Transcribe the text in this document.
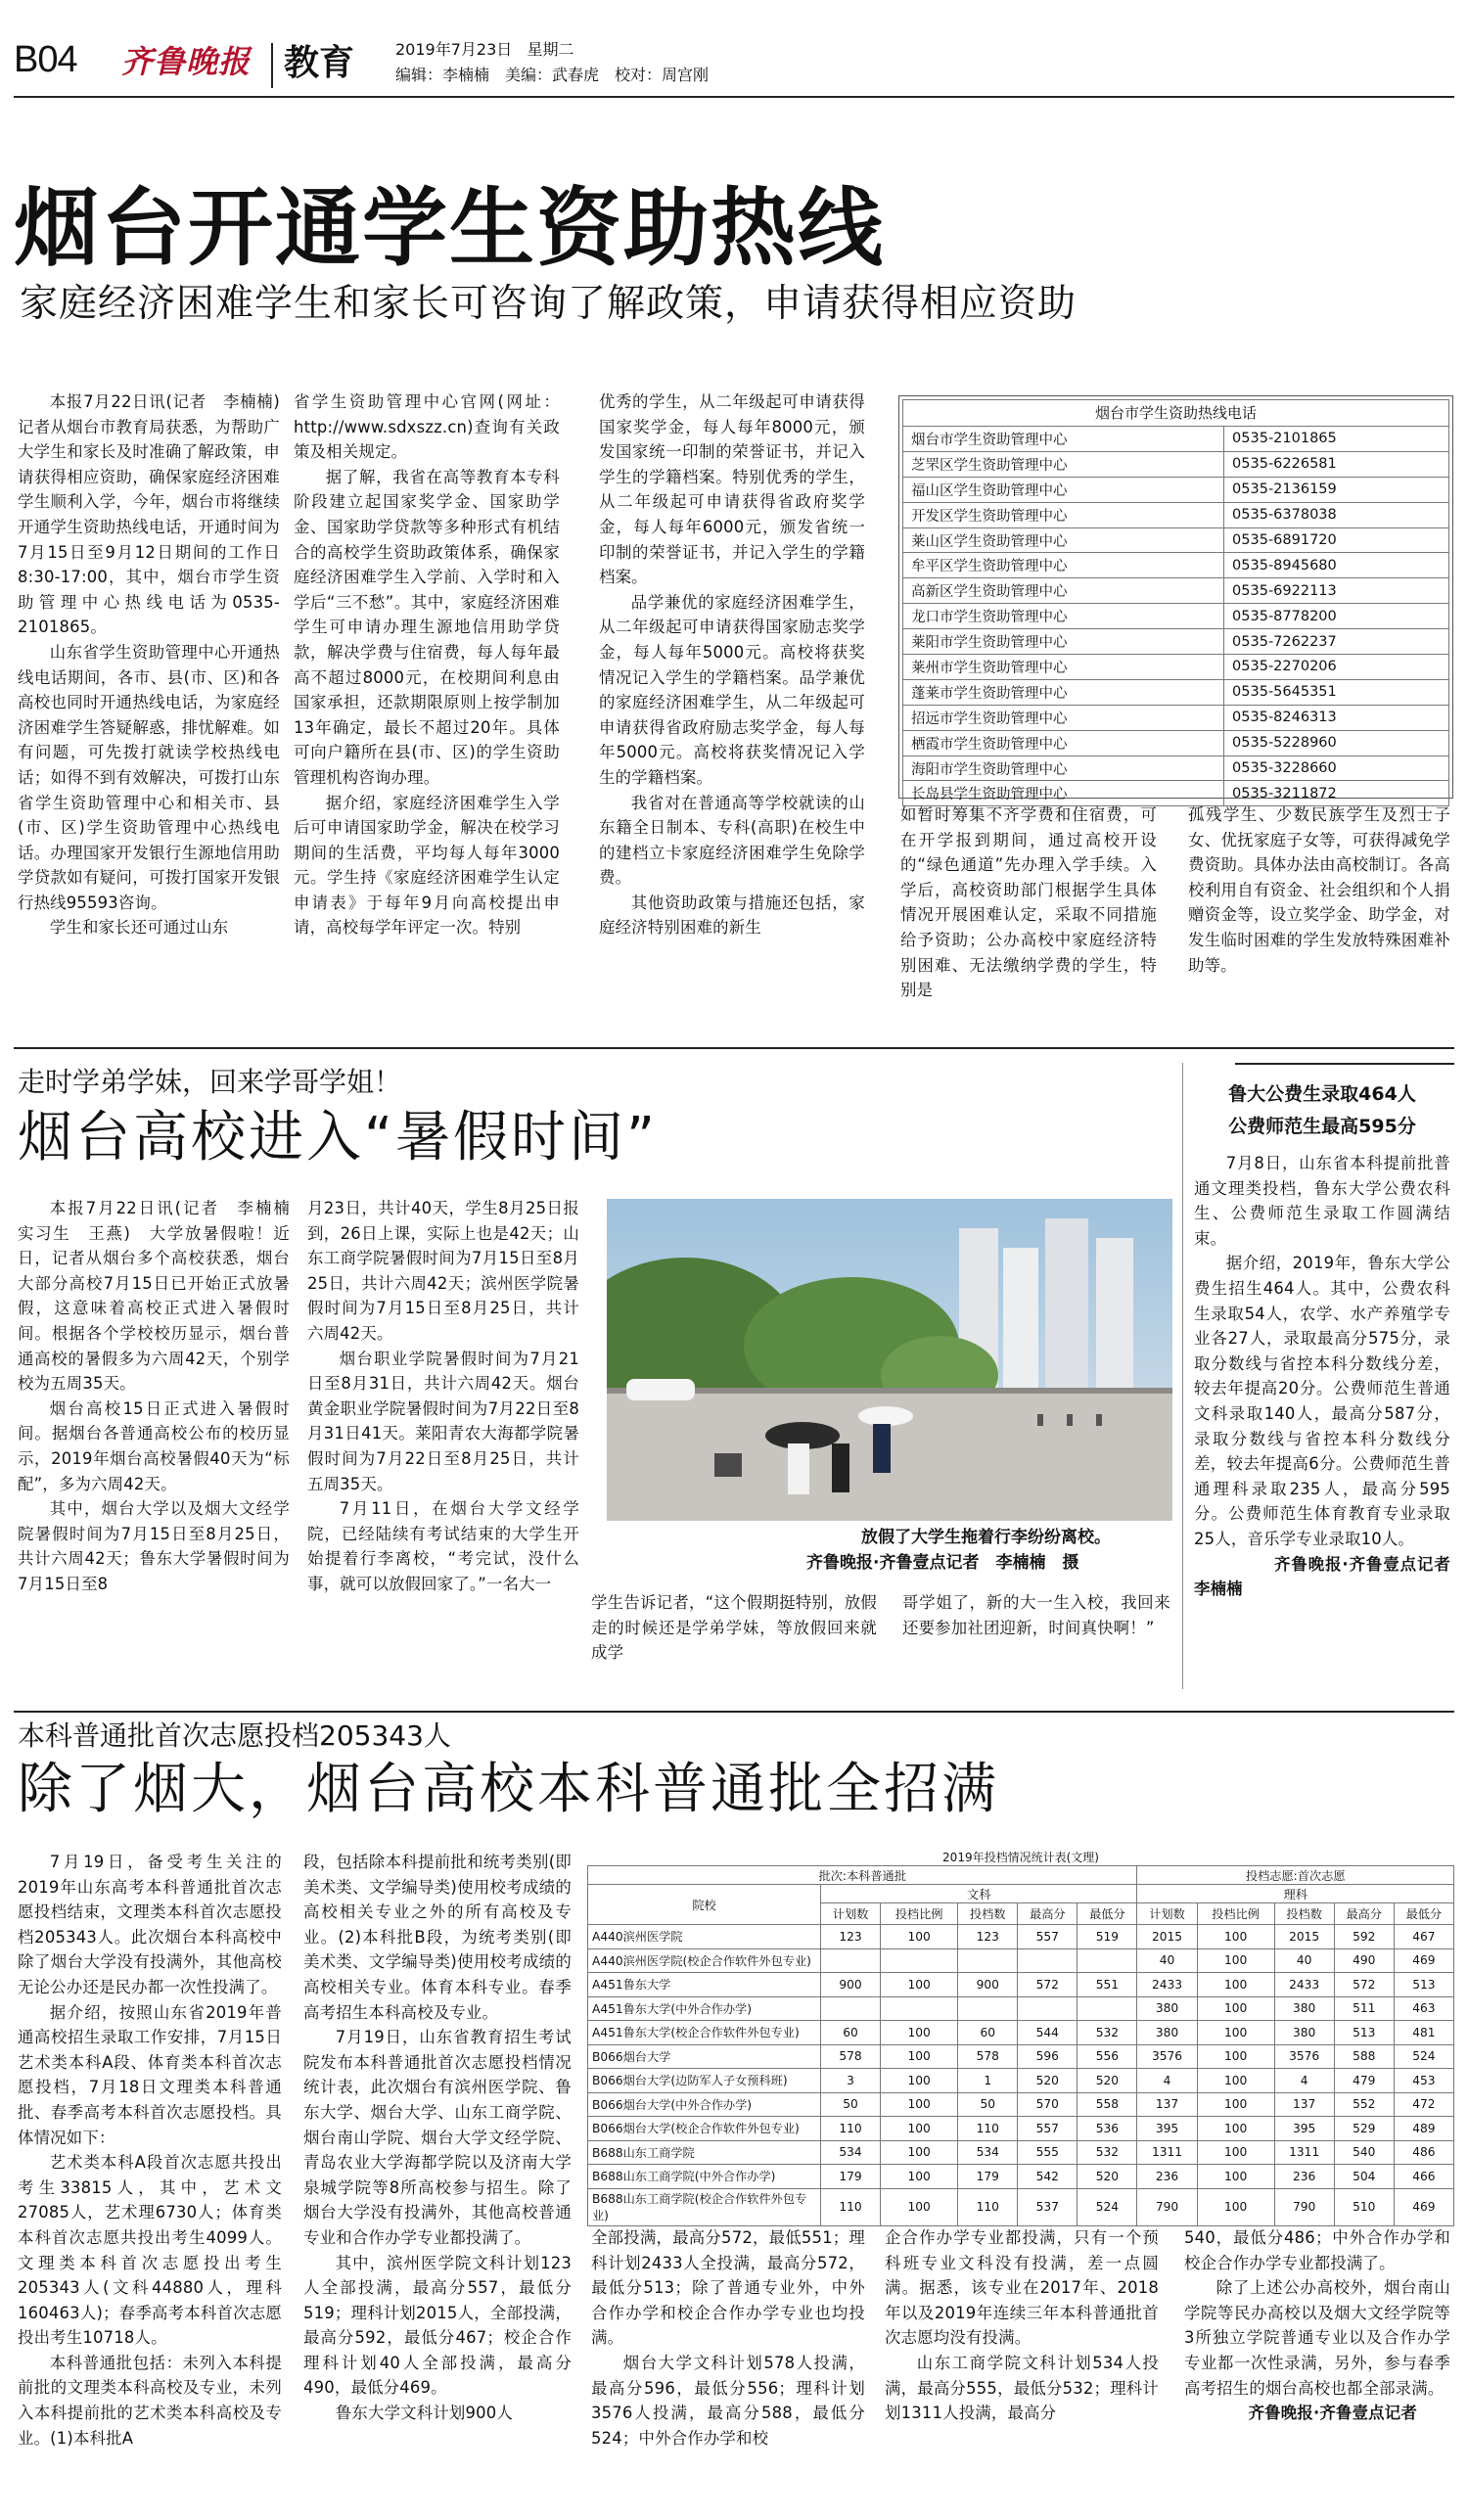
B04 齐鲁晚报 教育	2019年7月23日 星期二
编辑：李楠楠　美编：武春虎　校对：周宫刚
烟台开通学生资助热线
家庭经济困难学生和家长可咨询了解政策，申请获得相应资助

本报7月22日讯(记者　李楠楠)　记者从烟台市教育局获悉，为帮助广大学生和家长及时准确了解政策，申请获得相应资助，确保家庭经济困难学生顺利入学，今年，烟台市将继续开通学生资助热线电话，开通时间为7月15日至9月12日期间的工作日8:30-17:00，其中，烟台市学生资助管理中心热线电话为0535-2101865。

山东省学生资助管理中心开通热线电话期间，各市、县(市、区)和各高校也同时开通热线电话，为家庭经济困难学生答疑解惑，排忧解难。如有问题，可先拨打就读学校热线电话；如得不到有效解决，可拨打山东省学生资助管理中心和相关市、县(市、区)学生资助管理中心热线电话。办理国家开发银行生源地信用助学贷款如有疑问，可拨打国家开发银行热线95593咨询。

学生和家长还可通过山东

省学生资助管理中心官网(网址：http://www.sdxszz.cn)查询有关政策及相关规定。

据了解，我省在高等教育本专科阶段建立起国家奖学金、国家助学金、国家助学贷款等多种形式有机结合的高校学生资助政策体系，确保家庭经济困难学生入学前、入学时和入学后“三不愁”。其中，家庭经济困难学生可申请办理生源地信用助学贷款，解决学费与住宿费，每人每年最高不超过8000元，在校期间利息由国家承担，还款期限原则上按学制加13年确定，最长不超过20年。具体可向户籍所在县(市、区)的学生资助管理机构咨询办理。

据介绍，家庭经济困难学生入学后可申请国家助学金，解决在校学习期间的生活费，平均每人每年3000元。学生持《家庭经济困难学生认定申请表》于每年9月向高校提出申请，高校每学年评定一次。特别

优秀的学生，从二年级起可申请获得国家奖学金，每人每年8000元，颁发国家统一印制的荣誉证书，并记入学生的学籍档案。特别优秀的学生，从二年级起可申请获得省政府奖学金，每人每年6000元，颁发省统一印制的荣誉证书，并记入学生的学籍档案。

品学兼优的家庭经济困难学生，从二年级起可申请获得国家励志奖学金，每人每年5000元。高校将获奖情况记入学生的学籍档案。品学兼优的家庭经济困难学生，从二年级起可申请获得省政府励志奖学金，每人每年5000元。高校将获奖情况记入学生的学籍档案。

我省对在普通高等学校就读的山东籍全日制本、专科(高职)在校生中的建档立卡家庭经济困难学生免除学费。

其他资助政策与措施还包括，家庭经济特别困难的新生

如暂时筹集不齐学费和住宿费，可在开学报到期间，通过高校开设的“绿色通道”先办理入学手续。入学后，高校资助部门根据学生具体情况开展困难认定，采取不同措施给予资助；公办高校中家庭经济特别困难、无法缴纳学费的学生，特别是

孤残学生、少数民族学生及烈士子女、优抚家庭子女等，可获得减免学费资助。具体办法由高校制订。各高校利用自有资金、社会组织和个人捐赠资金等，设立奖学金、助学金，对发生临时困难的学生发放特殊困难补助等。

烟台市学生资助热线电话
烟台市学生资助管理中心	0535-2101865
芝罘区学生资助管理中心	0535-6226581
福山区学生资助管理中心	0535-2136159
开发区学生资助管理中心	0535-6378038
莱山区学生资助管理中心	0535-6891720
牟平区学生资助管理中心	0535-8945680
高新区学生资助管理中心	0535-6922113
龙口市学生资助管理中心	0535-8778200
莱阳市学生资助管理中心	0535-7262237
莱州市学生资助管理中心	0535-2270206
蓬莱市学生资助管理中心	0535-5645351
招远市学生资助管理中心	0535-8246313
栖霞市学生资助管理中心	0535-5228960
海阳市学生资助管理中心	0535-3228660
长岛县学生资助管理中心	0535-3211872
走时学弟学妹，回来学哥学姐！
烟台高校进入“暑假时间”

本报7月22日讯(记者　李楠楠　实习生　王燕)　大学放暑假啦！近日，记者从烟台多个高校获悉，烟台大部分高校7月15日已开始正式放暑假，这意味着高校正式进入暑假时间。根据各个学校校历显示，烟台普通高校的暑假多为六周42天，个别学校为五周35天。

烟台高校15日正式进入暑假时间。据烟台各普通高校公布的校历显示，2019年烟台高校暑假40天为“标配”，多为六周42天。

其中，烟台大学以及烟大文经学院暑假时间为7月15日至8月25日，共计六周42天；鲁东大学暑假时间为7月15日至8

月23日，共计40天，学生8月25日报到，26日上课，实际上也是42天；山东工商学院暑假时间为7月15日至8月25日，共计六周42天；滨州医学院暑假时间为7月15日至8月25日，共计六周42天。

烟台职业学院暑假时间为7月21日至8月31日，共计六周42天。烟台黄金职业学院暑假时间为7月22日至8月31日41天。莱阳青农大海都学院暑假时间为7月22日至8月25日，共计五周35天。

7月11日，在烟台大学文经学院，已经陆续有考试结束的大学生开始提着行李离校，“考完试，没什么事，就可以放假回家了。”一名大一

放假了大学生拖着行李纷纷离校。
齐鲁晚报·齐鲁壹点记者　李楠楠　摄

学生告诉记者，“这个假期挺特别，放假走的时候还是学弟学妹，等放假回来就成学

哥学姐了，新的大一生入校，我回来还要参加社团迎新，时间真快啊！”

鲁大公费生录取464人
公费师范生最高595分

7月8日，山东省本科提前批普通文理类投档，鲁东大学公费农科生、公费师范生录取工作圆满结束。

据介绍，2019年，鲁东大学公费生招生464人。其中，公费农科生录取54人，农学、水产养殖学专业各27人，录取最高分575分，录取分数线与省控本科分数线分差，较去年提高20分。公费师范生普通文科录取140人，最高分587分，录取分数线与省控本科分数线分差，较去年提高6分。公费师范生普通理科录取235人，最高分595分。公费师范生体育教育专业录取25人，音乐学专业录取10人。

齐鲁晚报·齐鲁壹点记者　李楠楠

本科普通批首次志愿投档205343人
除了烟大，烟台高校本科普通批全招满

7月19日，备受考生关注的2019年山东高考本科普通批首次志愿投档结束，文理类本科首次志愿投档205343人。此次烟台本科高校中除了烟台大学没有投满外，其他高校无论公办还是民办都一次性投满了。

据介绍，按照山东省2019年普通高校招生录取工作安排，7月15日艺术类本科A段、体育类本科首次志愿投档，7月18日文理类本科普通批、春季高考本科首次志愿投档。具体情况如下：

艺术类本科A段首次志愿共投出考生33815人，其中，艺术文27085人，艺术理6730人；体育类本科首次志愿共投出考生4099人。文理类本科首次志愿投出考生205343人(文科44880人，理科160463人)；春季高考本科首次志愿投出考生10718人。

本科普通批包括：未列入本科提前批的文理类本科高校及专业，未列入本科提前批的艺术类本科高校及专业。(1)本科批A

段，包括除本科提前批和统考类别(即美术类、文学编导类)使用校考成绩的高校相关专业之外的所有高校及专业。(2)本科批B段，为统考类别(即美术类、文学编导类)使用校考成绩的高校相关专业。体育本科专业。春季高考招生本科高校及专业。

7月19日，山东省教育招生考试院发布本科普通批首次志愿投档情况统计表，此次烟台有滨州医学院、鲁东大学、烟台大学、山东工商学院、烟台南山学院、烟台大学文经学院、青岛农业大学海都学院以及济南大学泉城学院等8所高校参与招生。除了烟台大学没有投满外，其他高校普通专业和合作办学专业都投满了。

其中，滨州医学院文科计划123人全部投满，最高分557，最低分519；理科计划2015人，全部投满，最高分592，最低分467；校企合作理科计划40人全部投满，最高分490，最低分469。

鲁东大学文科计划900人

2019年投档情况统计表(文理)
批次:本科普通批						投档志愿:首次志愿				
院校	文科					理科				
	计划数	投档比例	投档数	最高分	最低分	计划数	投档比例	投档数	最高分	最低分
A440滨州医学院	123	100	123	557	519	2015	100	2015	592	467
A440滨州医学院(校企合作软件外包专业)						40	100	40	490	469
A451鲁东大学	900	100	900	572	551	2433	100	2433	572	513
A451鲁东大学(中外合作办学)						380	100	380	511	463
A451鲁东大学(校企合作软件外包专业)	60	100	60	544	532	380	100	380	513	481
B066烟台大学	578	100	578	596	556	3576	100	3576	588	524
B066烟台大学(边防军人子女预科班)	3	100	1	520	520	4	100	4	479	453
B066烟台大学(中外合作办学)	50	100	50	570	558	137	100	137	552	472
B066烟台大学(校企合作软件外包专业)	110	100	110	557	536	395	100	395	529	489
B688山东工商学院	534	100	534	555	532	1311	100	1311	540	486
B688山东工商学院(中外合作办学)	179	100	179	542	520	236	100	236	504	466
B688山东工商学院(校企合作软件外包专业)	110	100	110	537	524	790	100	790	510	469

全部投满，最高分572，最低551；理科计划2433人全投满，最高分572，最低分513；除了普通专业外，中外合作办学和校企合作办学专业也均投满。

烟台大学文科计划578人投满，最高分596，最低分556；理科计划3576人投满，最高分588，最低分524；中外合作办学和校

企合作办学专业都投满，只有一个预科班专业文科没有投满，差一点圆满。据悉，该专业在2017年、2018年以及2019年连续三年本科普通批首次志愿均没有投满。

山东工商学院文科计划534人投满，最高分555，最低分532；理科计划1311人投满，最高分

540，最低分486；中外合作办学和校企合作办学专业都投满了。

除了上述公办高校外，烟台南山学院等民办高校以及烟大文经学院等3所独立学院普通专业以及合作办学专业都一次性录满，另外，参与春季高考招生的烟台高校也都全部录满。

齐鲁晚报·齐鲁壹点记者
